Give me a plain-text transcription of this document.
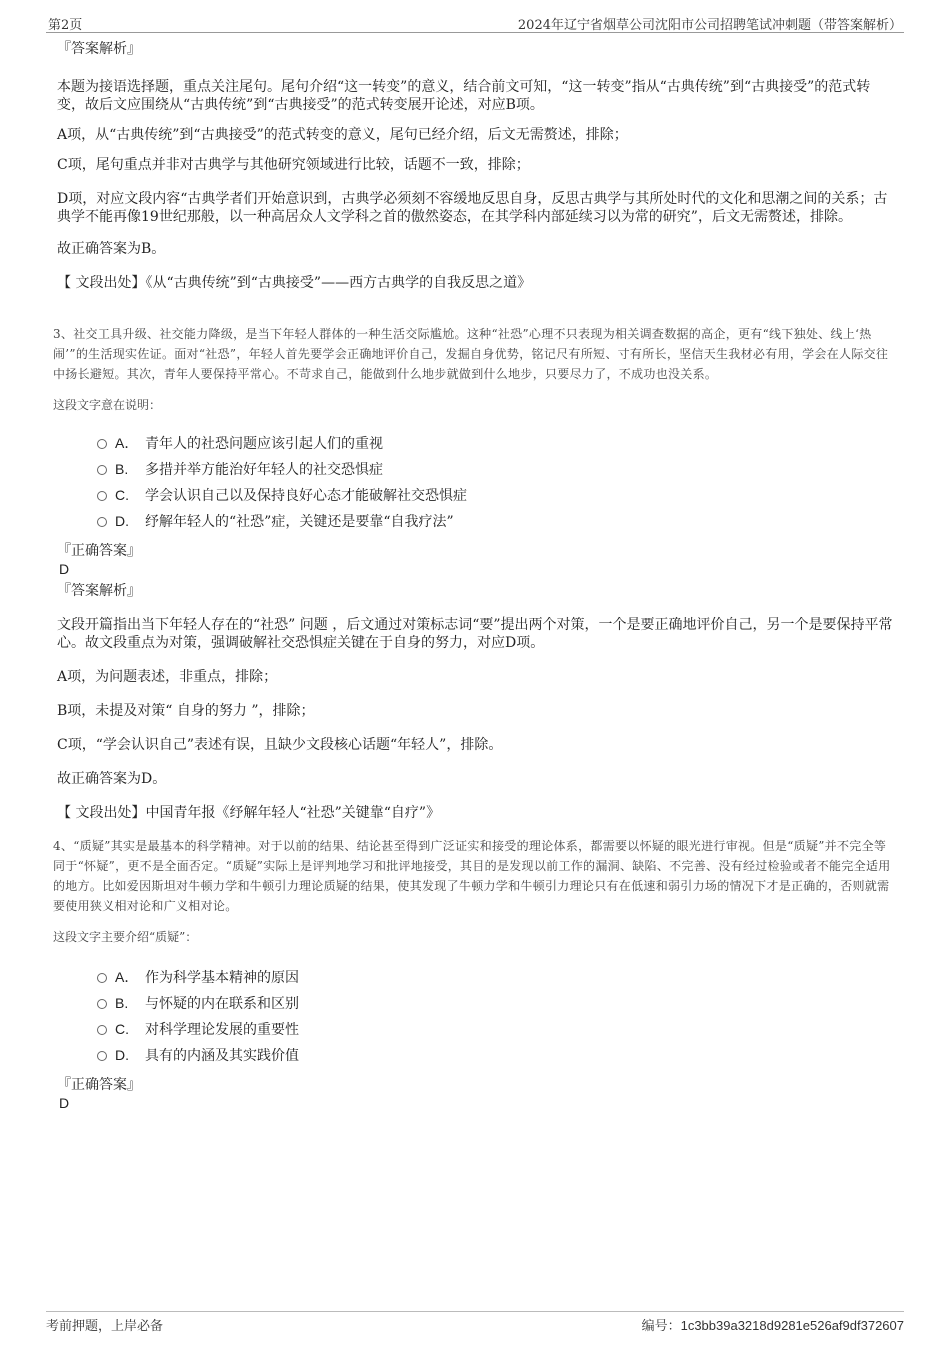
第2页	2024年辽宁省烟草公司沈阳市公司招聘笔试冲刺题（带答案解析）

『答案解析』

本题为接语选择题，重点关注尾句。尾句介绍“这一转变”的意义，结合前文可知，“这一转变”指从“古典传统”到“古典接受”的范式转变，故后文应围绕从“古典传统”到“古典接受”的范式转变展开论述，对应B项。

A项，从“古典传统”到“古典接受”的范式转变的意义，尾句已经介绍，后文无需赘述，排除；

C项，尾句重点并非对古典学与其他研究领域进行比较，话题不一致，排除；

D项，对应文段内容“古典学者们开始意识到，古典学必须刻不容缓地反思自身，反思古典学与其所处时代的文化和思潮之间的关系；古典学不能再像19世纪那般，以一种高居众人文学科之首的傲然姿态，在其学科内部延续习以为常的研究”，后文无需赘述，排除。

故正确答案为B。

【 文段出处】《从“古典传统”到“古典接受”——西方古典学的自我反思之道》

3、社交工具升级、社交能力降级，是当下年轻人群体的一种生活交际尴尬。这种“社恐”心理不只表现为相关调查数据的高企，更有“线下独处、线上‘热闹’”的生活现实佐证。面对“社恐”，年轻人首先要学会正确地评价自己，发掘自身优势，铭记尺有所短、寸有所长，坚信天生我材必有用，学会在人际交往中扬长避短。其次，青年人要保持平常心。不苛求自己，能做到什么地步就做到什么地步，只要尽力了，不成功也没关系。

这段文字意在说明：

A． 青年人的社恐问题应该引起人们的重视
B. 多措并举方能治好年轻人的社交恐惧症
C. 学会认识自己以及保持良好心态才能破解社交恐惧症
D. 纾解年轻人的“社恐”症，关键还是要靠“自我疗法”

『正确答案』

D

『答案解析』

文段开篇指出当下年轻人存在的“社恐” 问题 ，后文通过对策标志词“要”提出两个对策，一个是要正确地评价自己，另一个是要保持平常心。故文段重点为对策，强调破解社交恐惧症关键在于自身的努力，对应D项。

A项，为问题表述，非重点，排除；

B项，未提及对策“ 自身的努力 ”，排除；

C项，“学会认识自己”表述有误，且缺少文段核心话题“年轻人”，排除。

故正确答案为D。

【 文段出处】中国青年报《纾解年轻人“社恐”关键靠“自疗”》

4、“质疑”其实是最基本的科学精神。对于以前的结果、结论甚至得到广泛证实和接受的理论体系，都需要以怀疑的眼光进行审视。但是“质疑”并不完全等同于“怀疑”，更不是全面否定。“质疑”实际上是评判地学习和批评地接受，其目的是发现以前工作的漏洞、缺陷、不完善、没有经过检验或者不能完全适用的地方。比如爱因斯坦对牛顿力学和牛顿引力理论质疑的结果，使其发现了牛顿力学和牛顿引力理论只有在低速和弱引力场的情况下才是正确的，否则就需要使用狭义相对论和广义相对论。

这段文字主要介绍“质疑”：

A． 作为科学基本精神的原因
B. 与怀疑的内在联系和区别
C. 对科学理论发展的重要性
D. 具有的内涵及其实践价值

『正确答案』

D

考前押题，上岸必备	编号：1c3bb39a3218d9281e526af9df372607
